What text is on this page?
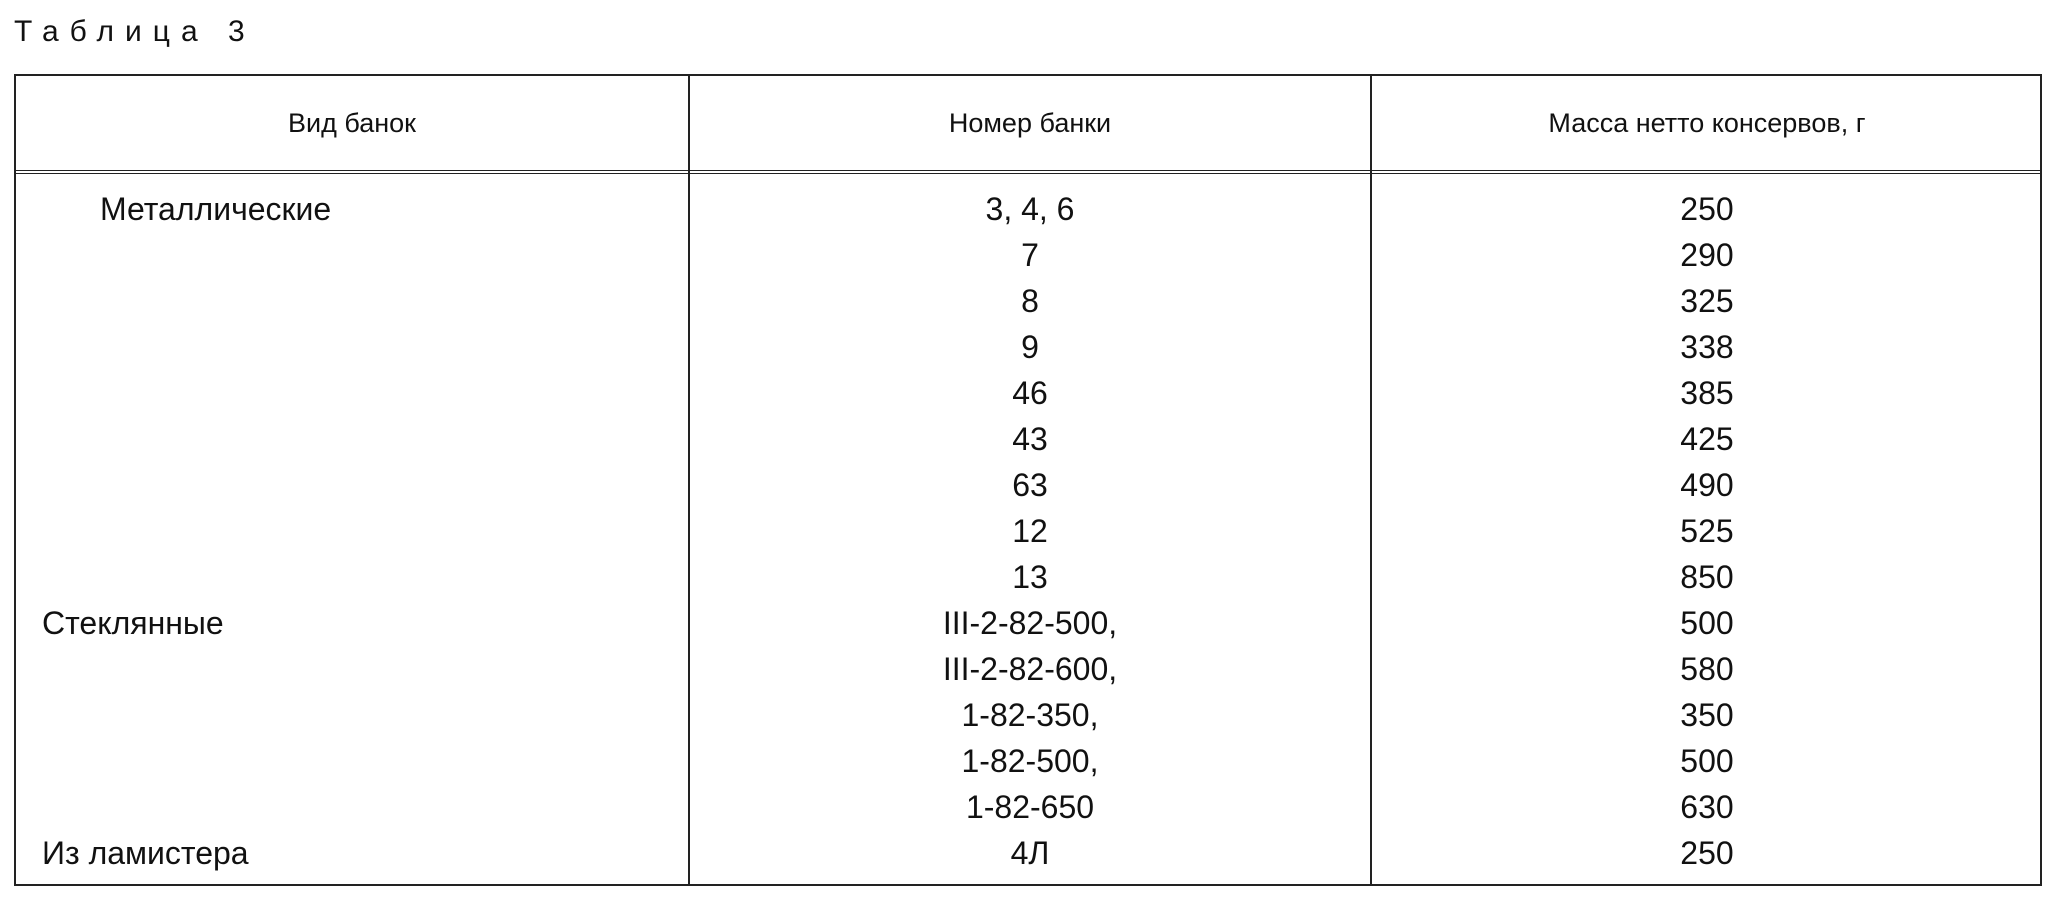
Таблица 3
Вид банок	Номер банки	Масса нетто консервов, г
Металлические
Стеклянные
Из ламистера
3, 4, 6
7
8
9
46
43
63
12
13
III-2-82-500,
III-2-82-600,
1-82-350,
1-82-500,
1-82-650
4Л
250
290
325
338
385
425
490
525
850
500
580
350
500
630
250
